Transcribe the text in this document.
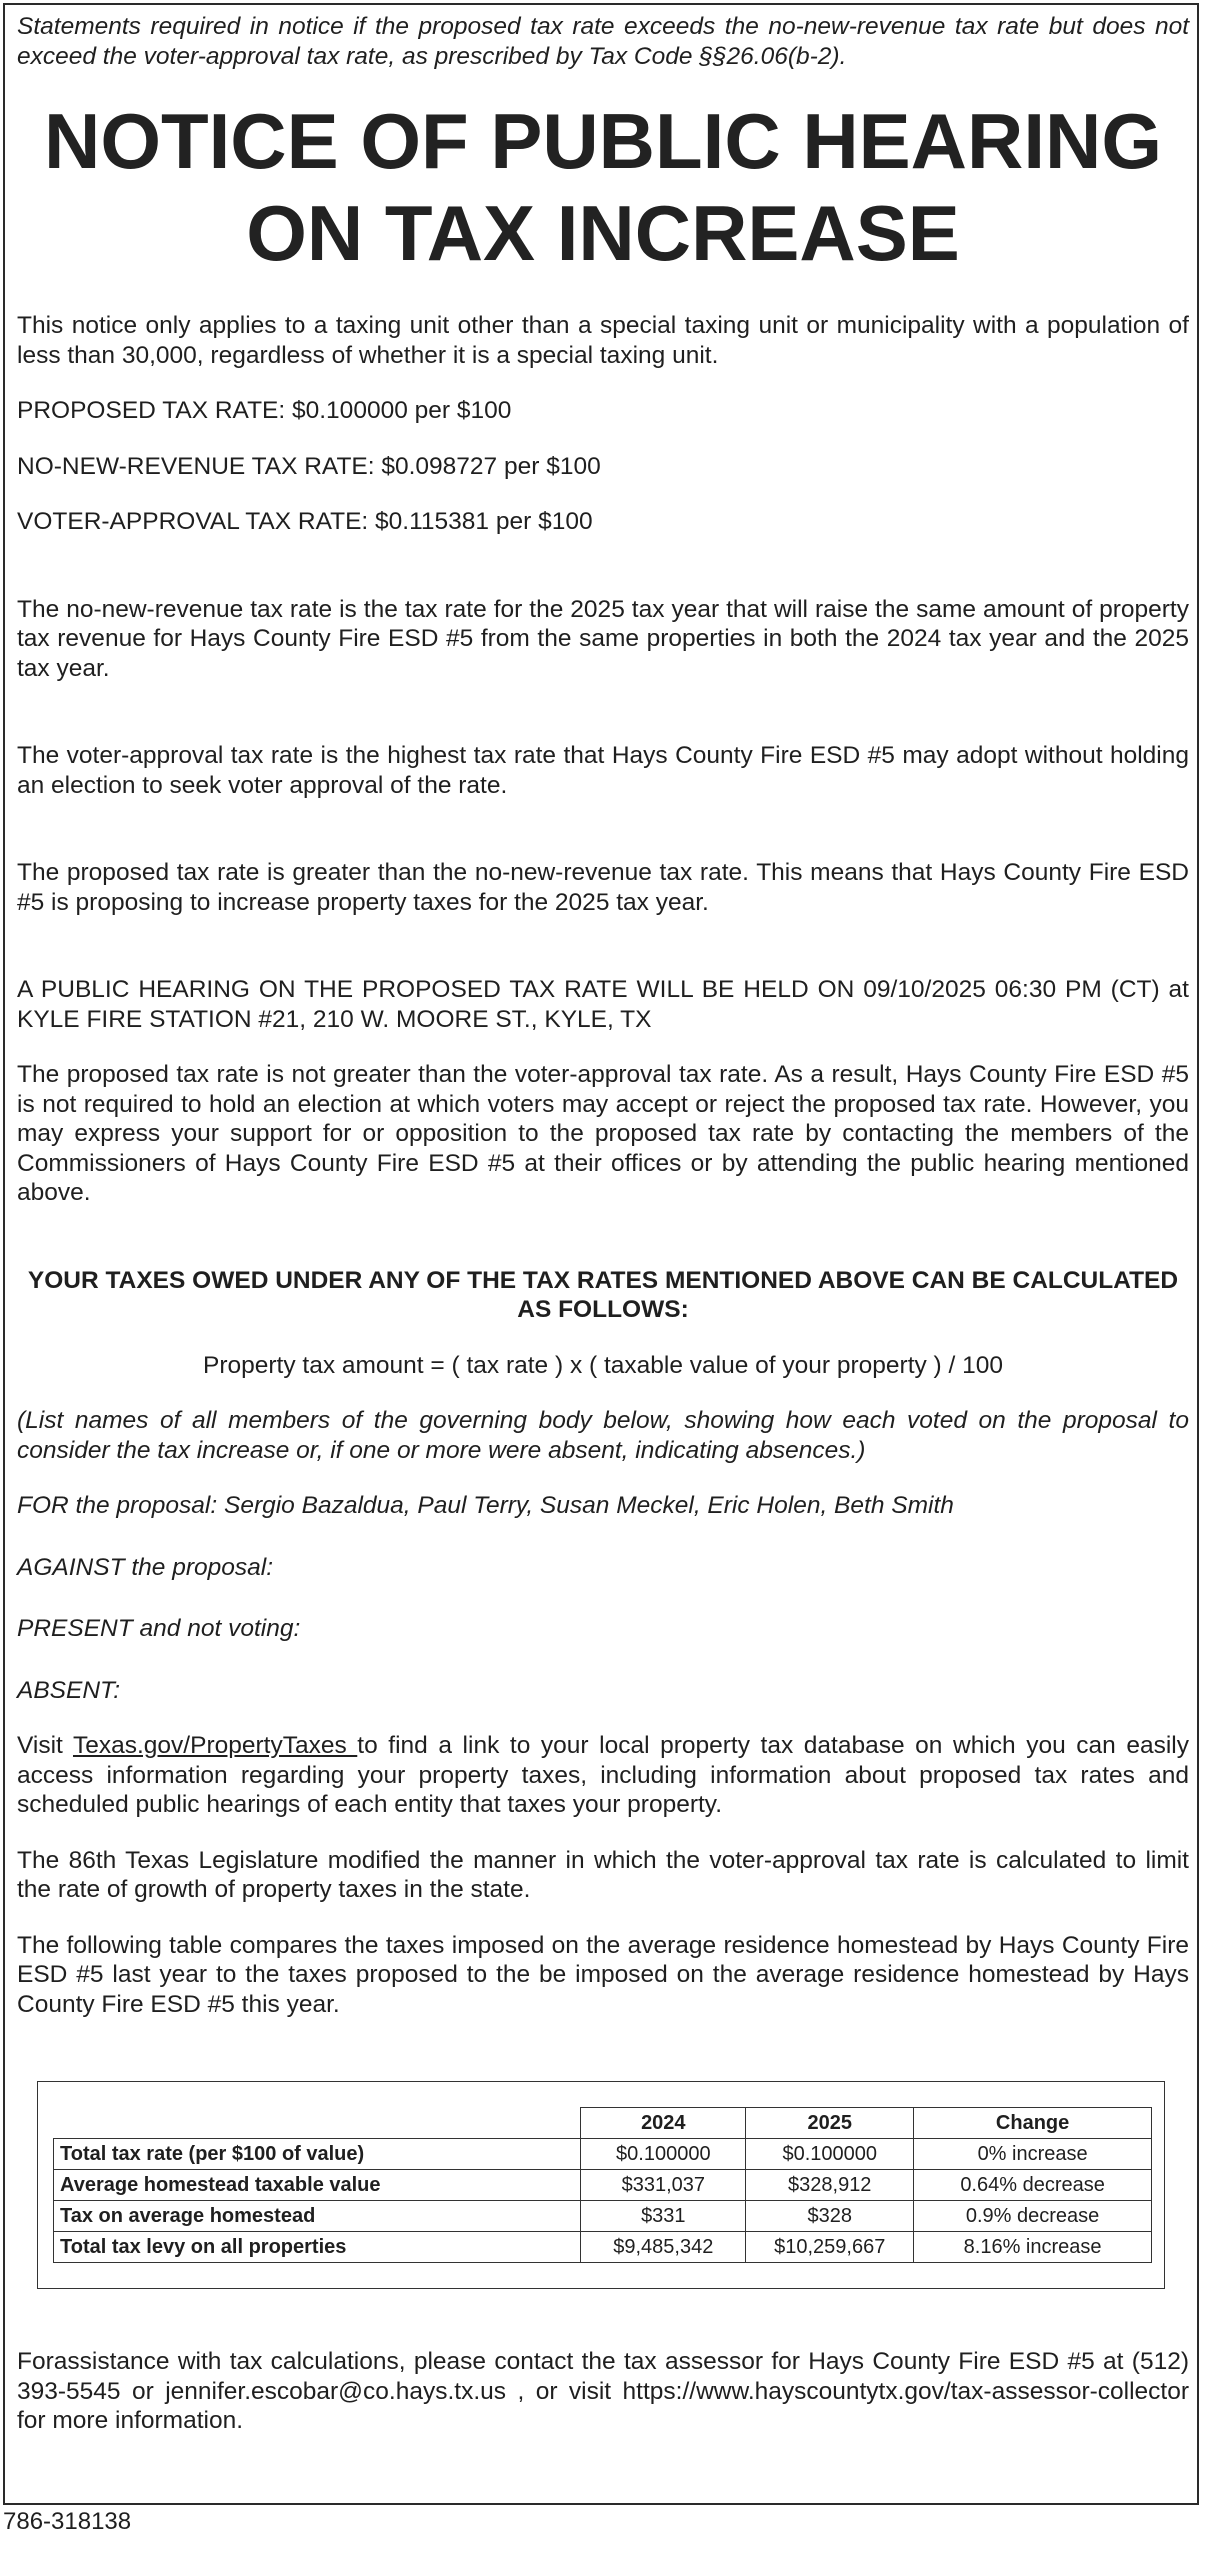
Statements required in notice if the proposed tax rate exceeds the no-new-revenue tax rate but does not exceed the voter-approval tax rate, as prescribed by Tax Code §§26.06(b-2).

NOTICE OF PUBLIC HEARING
ON TAX INCREASE

This notice only applies to a taxing unit other than a special taxing unit or municipality with a population of less than 30,000, regardless of whether it is a special taxing unit.

PROPOSED TAX RATE: $0.100000 per $100

NO-NEW-REVENUE TAX RATE: $0.098727 per $100

VOTER-APPROVAL TAX RATE: $0.115381 per $100

The no-new-revenue tax rate is the tax rate for the 2025 tax year that will raise the same amount of property tax revenue for Hays County Fire ESD #5 from the same properties in both the 2024 tax year and the 2025 tax year.

The voter-approval tax rate is the highest tax rate that Hays County Fire ESD #5 may adopt without holding an election to seek voter approval of the rate.

The proposed tax rate is greater than the no-new-revenue tax rate. This means that Hays County Fire ESD #5 is proposing to increase property taxes for the 2025 tax year.

A PUBLIC HEARING ON THE PROPOSED TAX RATE WILL BE HELD ON 09/10/2025 06:30 PM (CT) at KYLE FIRE STATION #21, 210 W. MOORE ST., KYLE, TX

The proposed tax rate is not greater than the voter-approval tax rate. As a result, Hays County Fire ESD #5 is not required to hold an election at which voters may accept or reject the proposed tax rate. However, you may express your support for or opposition to the proposed tax rate by contacting the members of the Commissioners of Hays County Fire ESD #5 at their offices or by attending the public hearing mentioned above.

YOUR TAXES OWED UNDER ANY OF THE TAX RATES MENTIONED ABOVE CAN BE CALCULATED AS FOLLOWS:

Property tax amount = ( tax rate ) x ( taxable value of your property ) / 100

(List names of all members of the governing body below, showing how each voted on the proposal to consider the tax increase or, if one or more were absent, indicating absences.)

FOR the proposal: Sergio Bazaldua, Paul Terry, Susan Meckel, Eric Holen, Beth Smith

AGAINST the proposal:

PRESENT and not voting:

ABSENT:

Visit Texas.gov/PropertyTaxes to find a link to your local property tax database on which you can easily access information regarding your property taxes, including information about proposed tax rates and scheduled public hearings of each entity that taxes your property.

The 86th Texas Legislature modified the manner in which the voter-approval tax rate is calculated to limit the rate of growth of property taxes in the state.

The following table compares the taxes imposed on the average residence homestead by Hays County Fire ESD #5 last year to the taxes proposed to the be imposed on the average residence homestead by Hays County Fire ESD #5 this year.

	2024	2025	Change
Total tax rate (per $100 of value)	$0.100000	$0.100000	0% increase
Average homestead taxable value	$331,037	$328,912	0.64% decrease
Tax on average homestead	$331	$328	0.9% decrease
Total tax levy on all properties	$9,485,342	$10,259,667	8.16% increase

Forassistance with tax calculations, please contact the tax assessor for Hays County Fire ESD #5 at (512) 393-5545 or jennifer.escobar@co.hays.tx.us , or visit https://www.hayscountytx.gov/tax-assessor-collector for more information.

786-318138
